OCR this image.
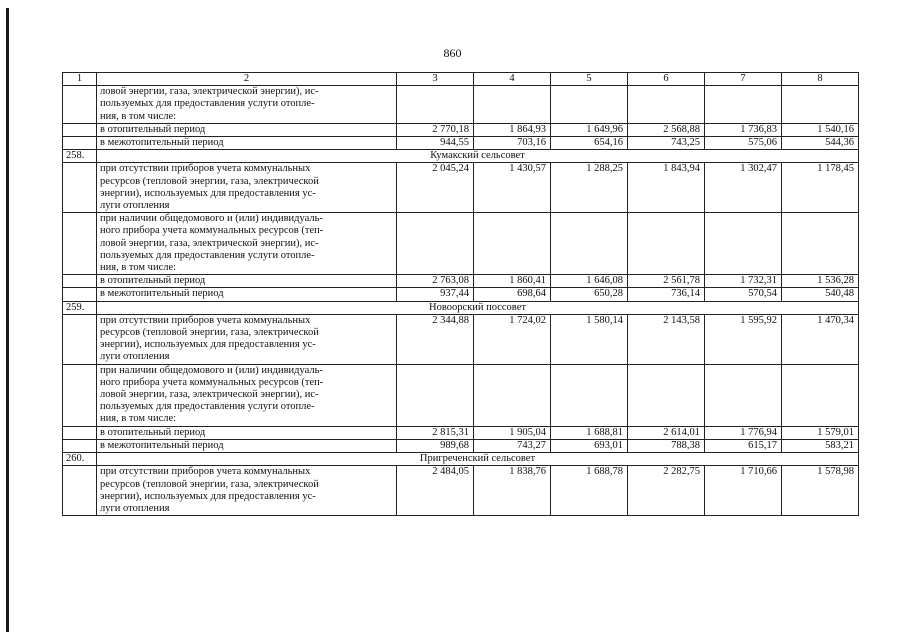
860
1	2	3	4	5	6	7	8

	ловой энергии, газа, электрической энергии), ис-
пользуемых для предоставления услуги отопле-
ния, в том числе:						

	в отопительный период	2 770,18	1 864,93	1 649,96	2 568,88	1 736,83	1 540,16
	в межотопительный период	944,55	703,16	654,16	743,25	575,06	544,36
258.	Кумакский сельсовет						

	при отсутствии приборов учета коммунальных
ресурсов (тепловой энергии, газа, электрической
энергии), используемых для предоставления ус-
луги отопления	2 045,24	1 430,57	1 288,25	1 843,94	1 302,47	1 178,45

	при наличии общедомового и (или) индивидуаль-
ного прибора учета коммунальных ресурсов (теп-
ловой энергии, газа, электрической энергии), ис-
пользуемых для предоставления услуги отопле-
ния, в том числе:						

	в отопительный период	2 763,08	1 860,41	1 646,08	2 561,78	1 732,31	1 536,28
	в межотопительный период	937,44	698,64	650,28	736,14	570,54	540,48
259.	Новоорский поссовет						

	при отсутствии приборов учета коммунальных
ресурсов (тепловой энергии, газа, электрической
энергии), используемых для предоставления ус-
луги отопления	2 344,88	1 724,02	1 580,14	2 143,58	1 595,92	1 470,34

	при наличии общедомового и (или) индивидуаль-
ного прибора учета коммунальных ресурсов (теп-
ловой энергии, газа, электрической энергии), ис-
пользуемых для предоставления услуги отопле-
ния, в том числе:						

	в отопительный период	2 815,31	1 905,04	1 688,81	2 614,01	1 776,94	1 579,01
	в межотопительный период	989,68	743,27	693,01	788,38	615,17	583,21
260.	Пригреченский сельсовет						

	при отсутствии приборов учета коммунальных
ресурсов (тепловой энергии, газа, электрической
энергии), используемых для предоставления ус-
луги отопления	2 484,05	1 838,76	1 688,78	2 282,75	1 710,66	1 578,98
